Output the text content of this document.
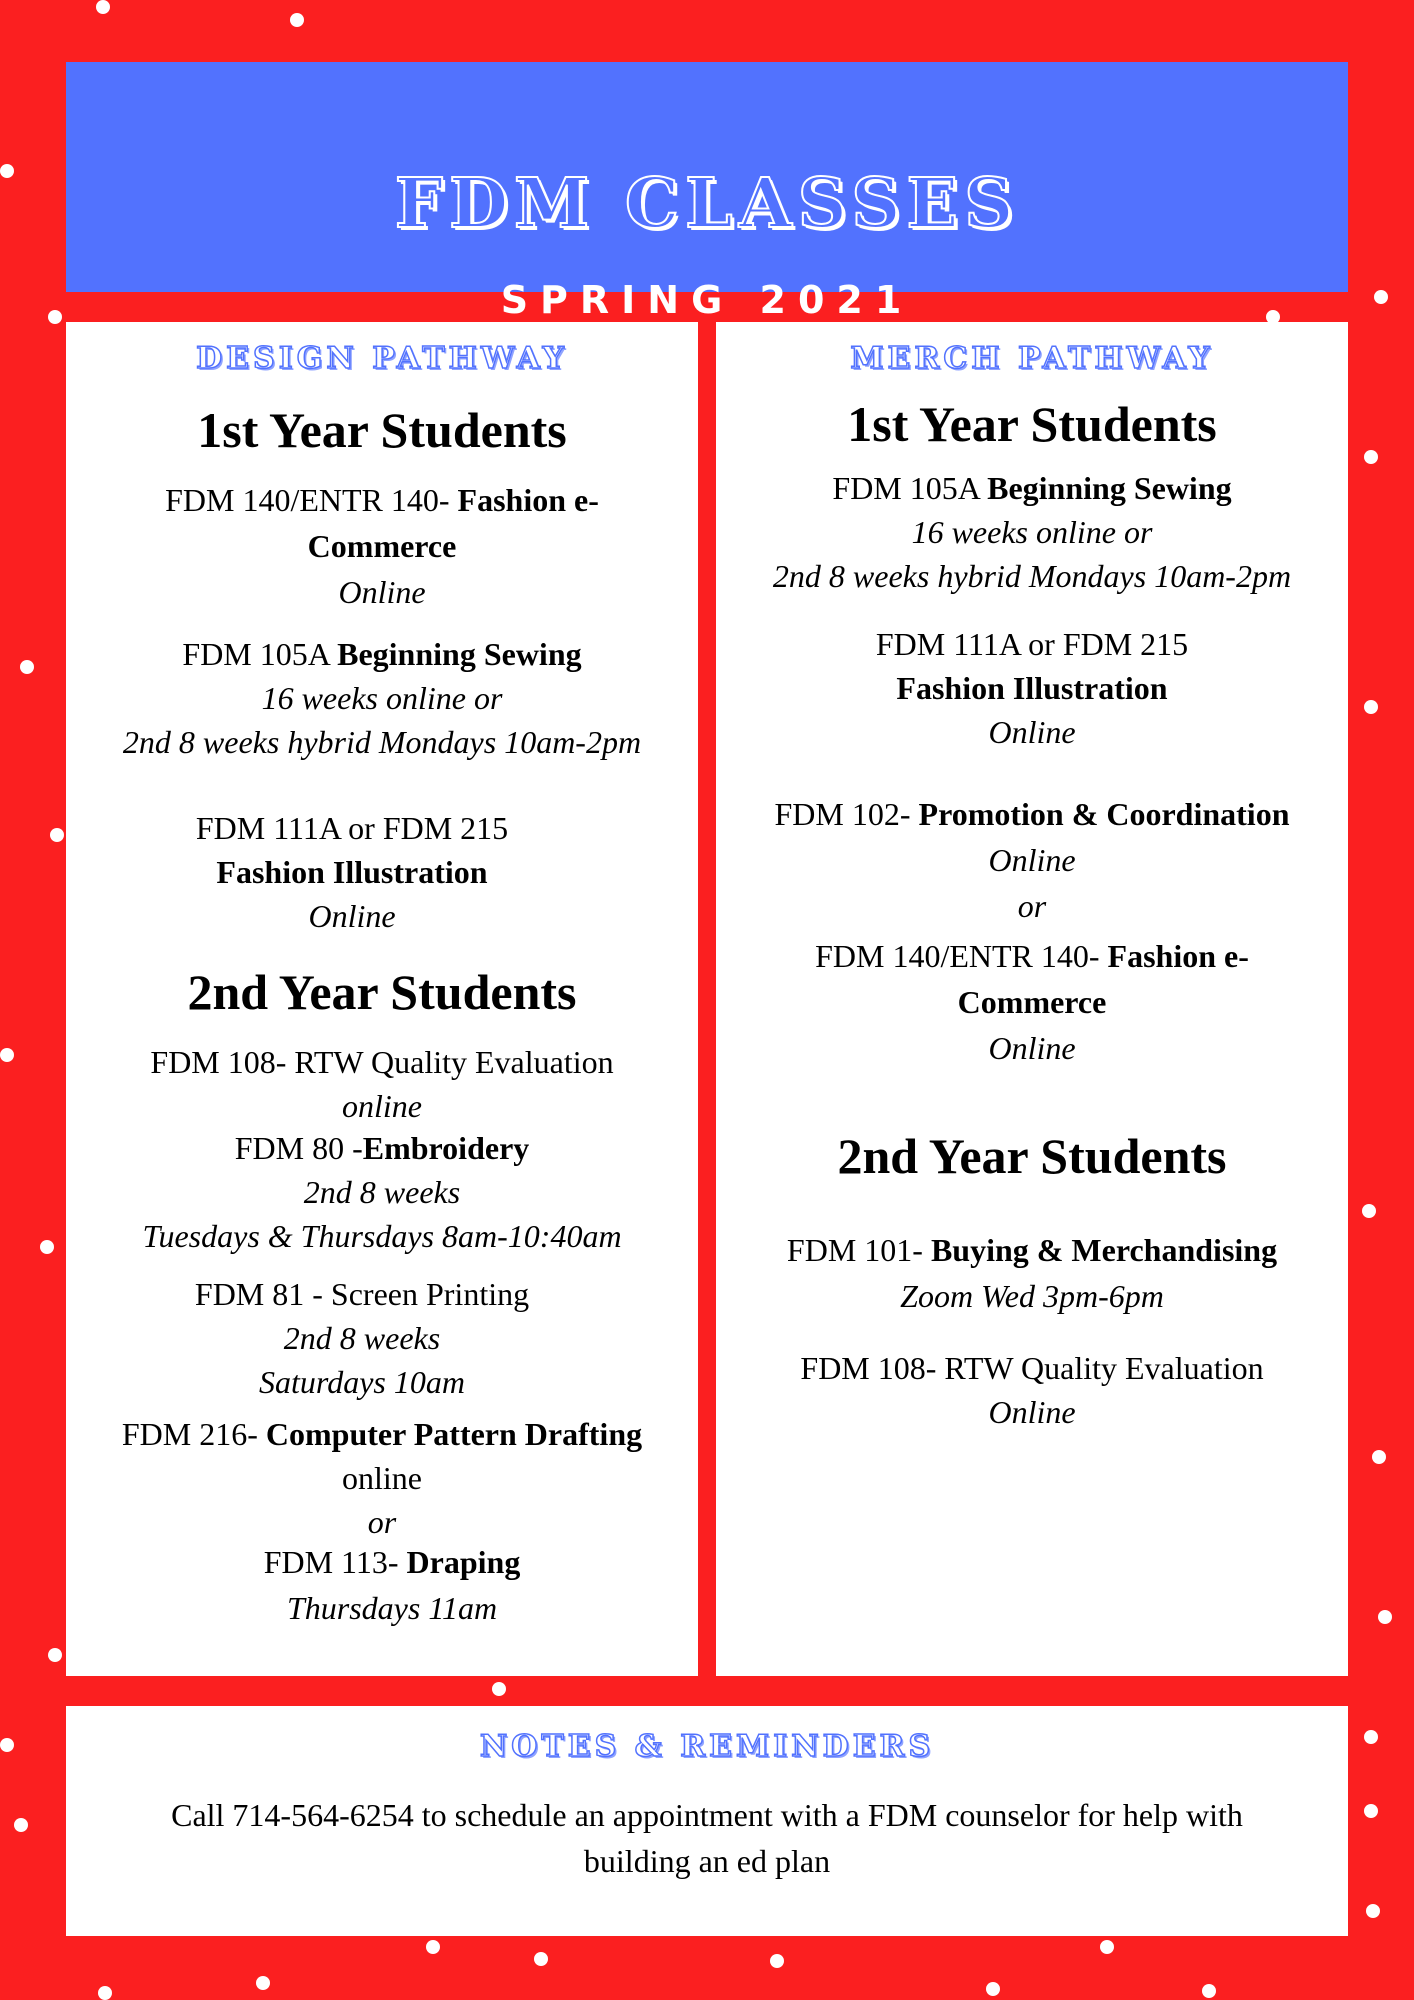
FDM CLASSES
SPRING 2021
DESIGN PATHWAY
1st Year Students
FDM 140/ENTR 140- Fashion e-
Commerce
Online
FDM 105A Beginning Sewing
16 weeks online or
2nd 8 weeks hybrid Mondays 10am-2pm
FDM 111A or FDM 215
Fashion Illustration
Online
2nd Year Students
FDM 108- RTW Quality Evaluation
online
FDM 80 -Embroidery
2nd 8 weeks
Tuesdays & Thursdays 8am-10:40am
FDM 81 - Screen Printing
2nd 8 weeks
Saturdays 10am
FDM 216- Computer Pattern Drafting
online
or
FDM 113- Draping
Thursdays 11am
MERCH PATHWAY
1st Year Students
FDM 105A Beginning Sewing
16 weeks online or
2nd 8 weeks hybrid Mondays 10am-2pm
FDM 111A or FDM 215
Fashion Illustration
Online
FDM 102- Promotion & Coordination
Online
or
FDM 140/ENTR 140- Fashion e-
Commerce
Online
2nd Year Students
FDM 101- Buying & Merchandising
Zoom Wed 3pm-6pm
FDM 108- RTW Quality Evaluation
Online
NOTES & REMINDERS
Call 714-564-6254 to schedule an appointment with a FDM counselor for help with
building an ed plan
